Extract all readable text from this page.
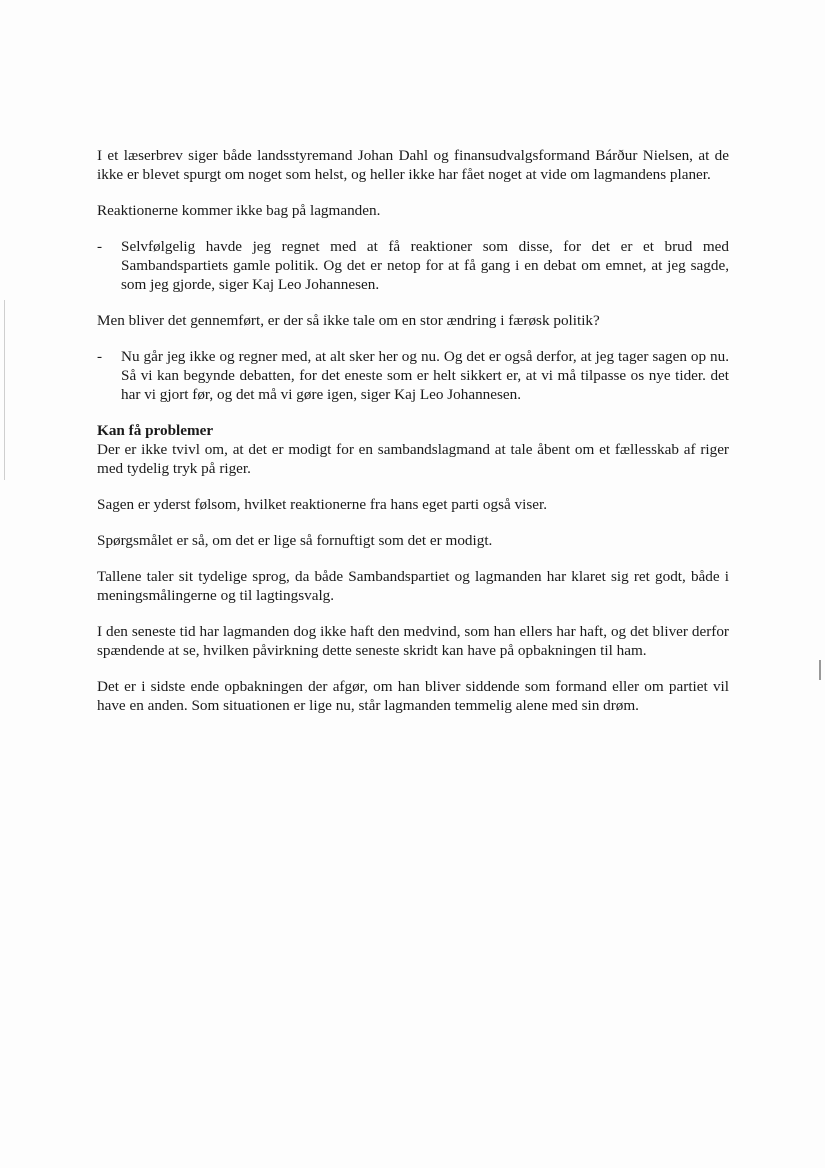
I et læserbrev siger både landsstyremand Johan Dahl og finansudvalgsformand Bárður Nielsen, at de ikke er blevet spurgt om noget som helst, og heller ikke har fået noget at vide om lagmandens planer.

Reaktionerne kommer ikke bag på lagmanden.

-	Selvfølgelig havde jeg regnet med at få reaktioner som disse, for det er et brud med Sambandspartiets gamle politik. Og det er netop for at få gang i en debat om emnet, at jeg sagde, som jeg gjorde, siger Kaj Leo Johannesen.

Men bliver det gennemført, er der så ikke tale om en stor ændring i færøsk politik?

-	Nu går jeg ikke og regner med, at alt sker her og nu. Og det er også derfor, at jeg tager sagen op nu. Så vi kan begynde debatten, for det eneste som er helt sikkert er, at vi må tilpasse os nye tider. det har vi gjort før, og det må vi gøre igen, siger Kaj Leo Johannesen.
Kan få problemer

Der er ikke tvivl om, at det er modigt for en sambandslagmand at tale åbent om et fællesskab af riger med tydelig tryk på riger.

Sagen er yderst følsom, hvilket reaktionerne fra hans eget parti også viser.

Spørgsmålet er så, om det er lige så fornuftigt som det er modigt.

Tallene taler sit tydelige sprog, da både Sambandspartiet og lagmanden har klaret sig ret godt, både i meningsmålingerne og til lagtingsvalg.

I den seneste tid har lagmanden dog ikke haft den medvind, som han ellers har haft, og det bliver derfor spændende at se, hvilken påvirkning dette seneste skridt kan have på opbakningen til ham.

Det er i sidste ende opbakningen der afgør, om han bliver siddende som formand eller om partiet vil have en anden. Som situationen er lige nu, står lagmanden temmelig alene med sin drøm.
